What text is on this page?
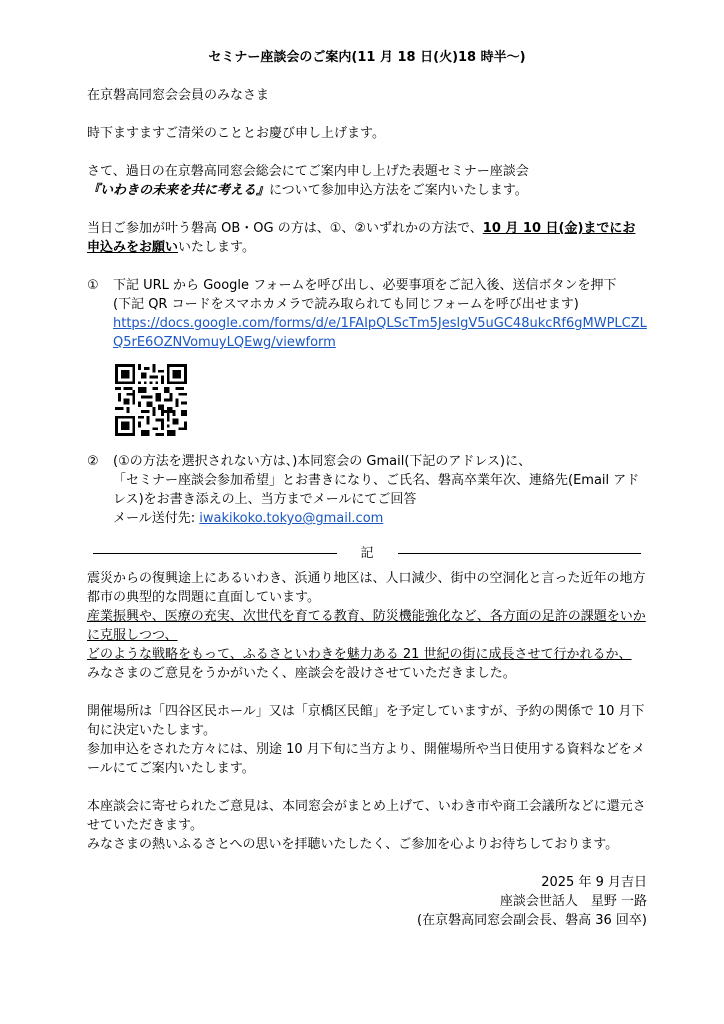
セミナー座談会のご案内(11 月 18 日(火)18 時半～)

在京磐高同窓会会員のみなさま

時下ますますご清栄のこととお慶び申し上げます。

さて、過日の在京磐高同窓会総会にてご案内申し上げた表題セミナー座談会
『いわきの未来を共に考える』について参加申込方法をご案内いたします。

当日ご参加が叶う磐高 OB・OG の方は、①、②いずれかの方法で、10 月 10 日(金)までにお申込みをお願いいたします。

①	下記 URL から Google フォームを呼び出し、必要事項をご記入後、送信ボタンを押下

(下記 QR コードをスマホカメラで読み取られても同じフォームを呼び出せます)

https://docs.google.com/forms/d/e/1FAIpQLScTm5JeslgV5uGC48ukcRf6gMWPLCZLQ5rE6OZNVomuyLQEwg/viewform
②	(①の方法を選択されない方は、)本同窓会の Gmail(下記のアドレス)に、

「セミナー座談会参加希望」とお書きになり、ご氏名、磐高卒業年次、連絡先(Email アドレス)をお書き添えの上、当方までメールにてご回答

メール送付先: iwakikoko.tokyo@gmail.com

記

震災からの復興途上にあるいわき、浜通り地区は、人口減少、街中の空洞化と言った近年の地方都市の典型的な問題に直面しています。
産業振興や、医療の充実、次世代を育てる教育、防災機能強化など、各方面の足許の課題をいかに克服しつつ、
どのような戦略をもって、ふるさといわきを魅力ある 21 世紀の街に成長させて行かれるか、
みなさまのご意見をうかがいたく、座談会を設けさせていただきました。

開催場所は「四谷区民ホール」又は「京橋区民館」を予定していますが、予約の関係で 10 月下旬に決定いたします。
参加申込をされた方々には、別途 10 月下旬に当方より、開催場所や当日使用する資料などをメールにてご案内いたします。

本座談会に寄せられたご意見は、本同窓会がまとめ上げて、いわき市や商工会議所などに還元させていただきます。
みなさまの熱いふるさとへの思いを拝聴いたしたく、ご参加を心よりお待ちしております。

2025 年 9 月吉日

座談会世話人　星野 一路

(在京磐高同窓会副会長、磐高 36 回卒)
